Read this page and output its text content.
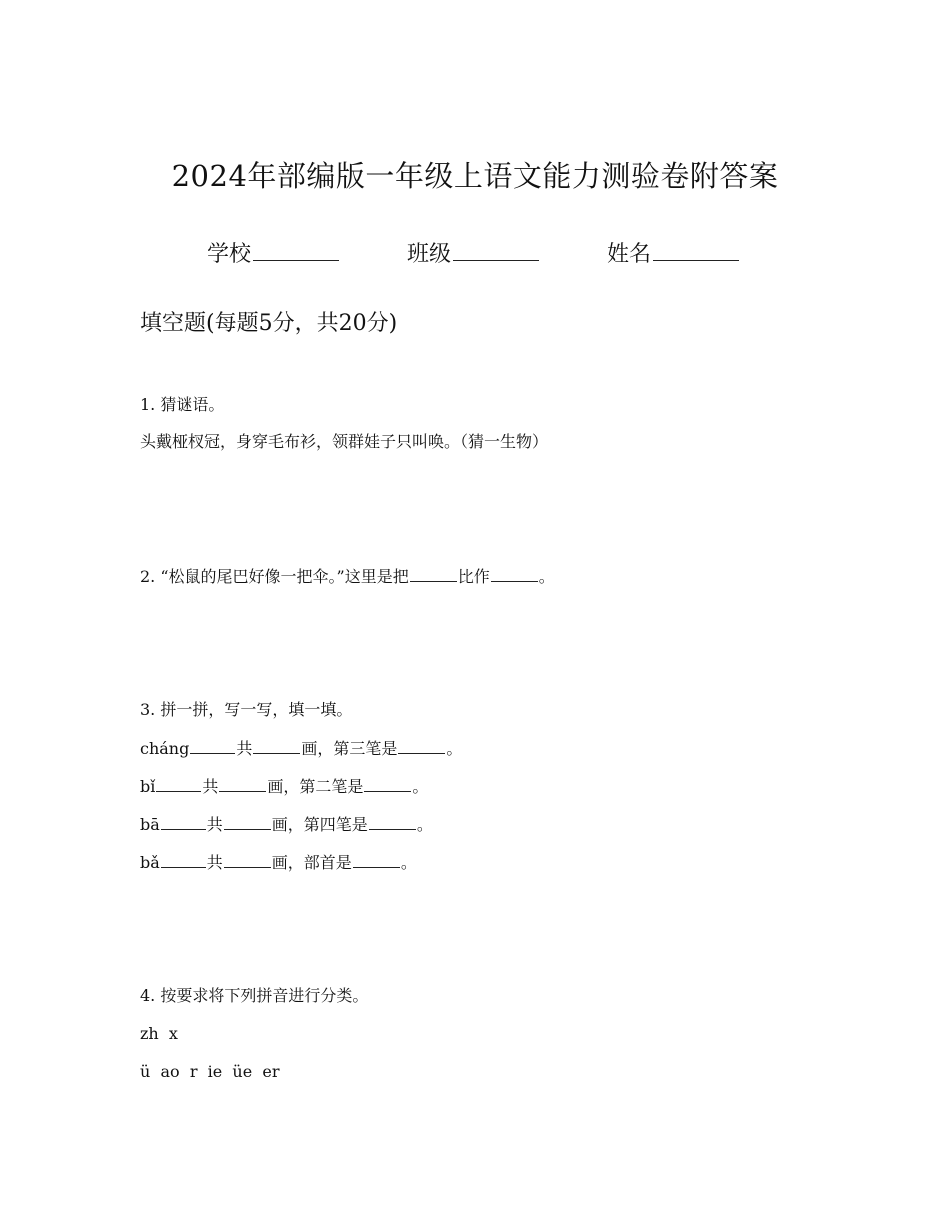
2024年部编版一年级上语文能力测验卷附答案
学校	班级	姓名
填空题(每题5分，共20分)
1. 猜谜语。
头戴桠杈冠，身穿毛布衫，领群娃子只叫唤。（猜一生物）
2. “松鼠的尾巴好像一把伞。”这里是把	比作	。
3. 拼一拼，写一写，填一填。
cháng	共	画，第三笔是	。
bǐ	共	画，第二笔是	。
bā	共	画，第四笔是	。
bǎ	共	画，部首是	。
4. 按要求将下列拼音进行分类。
zh  x
ü  ao  r  ie  üe  er
